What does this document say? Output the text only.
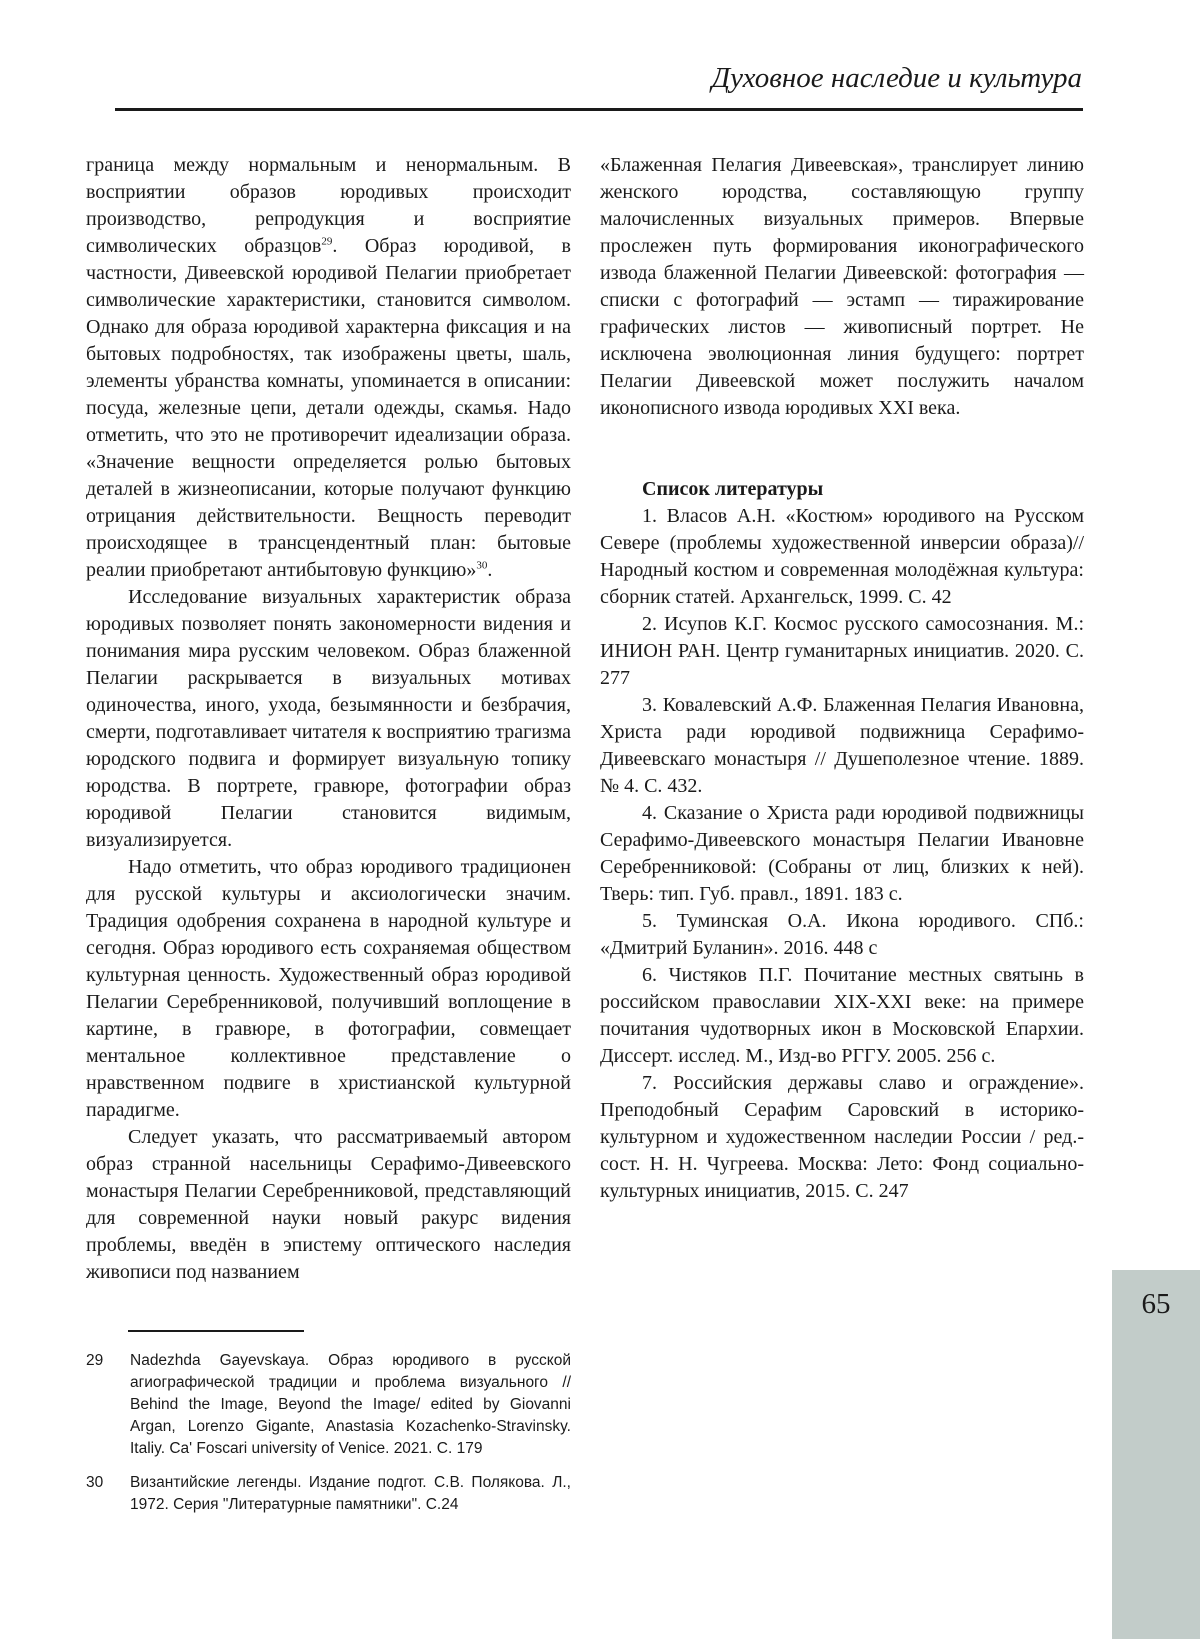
Духовное наследие и культура

граница между нормальным и ненормальным. В восприятии образов юродивых происходит производство, репродукция и восприятие символических образцов$^{29}$. Образ юродивой, в частности, Дивеевской юродивой Пелагии приобретает символические характеристики, становится символом. Однако для образа юродивой характерна фиксация и на бытовых подробностях, так изображены цветы, шаль, элементы убранства комнаты, упоминается в описании: посуда, железные цепи, детали одежды, скамья. Надо отметить, что это не противоречит идеализации образа. «Значение вещности определяется ролью бытовых деталей в жизнеописании, которые получают функцию отрицания действительности. Вещность переводит происходящее в трансцендентный план: бытовые реалии приобретают антибытовую функцию»$^{30}$.

Исследование визуальных характеристик образа юродивых позволяет понять закономерности видения и понимания мира русским человеком. Образ блаженной Пелагии раскрывается в визуальных мотивах одиночества, иного, ухода, безымянности и безбрачия, смерти, подготавливает читателя к восприятию трагизма юродского подвига и формирует визуальную топику юродства. В портрете, гравюре, фотографии образ юродивой Пелагии становится видимым, визуализируется.

Надо отметить, что образ юродивого традиционен для русской культуры и аксиологически значим. Традиция одобрения сохранена в народной культуре и сегодня. Образ юродивого есть сохраняемая обществом культурная ценность. Художественный образ юродивой Пелагии Серебренниковой, получивший воплощение в картине, в гравюре, в фотографии, совмещает ментальное коллективное представление о нравственном подвиге в христианской культурной парадигме.

Следует указать, что рассматриваемый автором образ странной насельницы Серафимо-Дивеевского монастыря Пелагии Серебренниковой, представляющий для современной науки новый ракурс видения проблемы, введён в эпистему оптического наследия живописи под названием

«Блаженная Пелагия Дивеевская», транслирует линию женского юродства, составляющую группу малочисленных визуальных примеров. Впервые прослежен путь формирования иконографического извода блаженной Пелагии Дивеевской: фотография — списки с фотографий — эстамп — тиражирование графических листов — живописный портрет. Не исключена эволюционная линия будущего: портрет Пелагии Дивеевской может послужить началом иконописного извода юродивых XXI века.

Список литературы

1. Власов А.Н. «Костюм» юродивого на Русском Севере (проблемы художественной инверсии образа)// Народный костюм и современная молодёжная культура: сборник статей. Архангельск, 1999. С. 42

2. Исупов К.Г. Космос русского самосознания. М.: ИНИОН РАН. Центр гуманитарных инициатив. 2020. С. 277

3. Ковалевский А.Ф. Блаженная Пелагия Ивановна, Христа ради юродивой подвижница Серафимо-Дивеевскаго монастыря // Душеполезное чтение. 1889. № 4. С. 432.

4. Сказание о Христа ради юродивой подвижницы Серафимо-Дивеевского монастыря Пелагии Ивановне Серебренниковой: (Собраны от лиц, близких к ней). Тверь: тип. Губ. правл., 1891. 183 с.

5. Туминская О.А. Икона юродивого. СПб.: «Дмитрий Буланин». 2016. 448 с

6. Чистяков П.Г. Почитание местных святынь в российском православии XIX-XXI веке: на примере почитания чудотворных икон в Московской Епархии. Диссерт. исслед. М., Изд-во РГГУ. 2005. 256 с.

7. Российския державы славо и ограждение». Преподобный Серафим Саровский в историко-культурном и художественном наследии России / ред.-сост. Н. Н. Чугреева. Москва: Лето: Фонд социально-культурных инициатив, 2015. С. 247

29	Nadezhda Gayevskaya. Образ юродивого в русской агиографической традиции и проблема визуального // Behind the Image, Beyond the Image/ edited by Giovanni Argan, Lorenzo Gigante, Anastasia Kozachenko-Stravinsky. Italiy. Ca' Foscari university of Venice. 2021. С. 179
30	Византийские легенды. Издание подгот. С.В. Полякова. Л., 1972. Серия "Литературные памятники". С.24
65
